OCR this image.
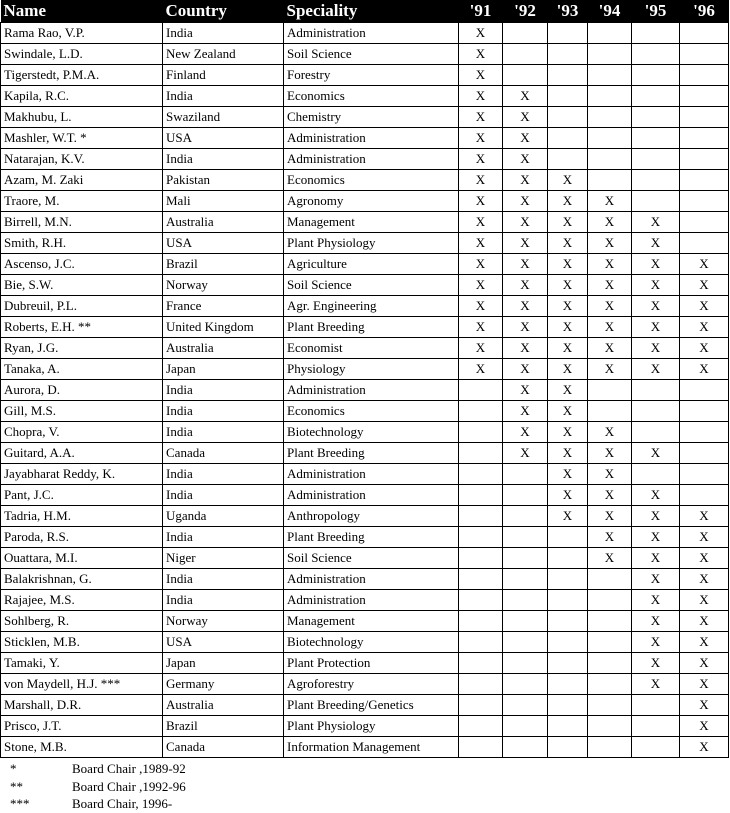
Name	Country	Speciality	'91	'92	'93	'94	'95	'96
Rama Rao, V.P.	India	Administration	X					
Swindale, L.D.	New Zealand	Soil Science	X					
Tigerstedt, P.M.A.	Finland	Forestry	X					
Kapila, R.C.	India	Economics	X	X				
Makhubu, L.	Swaziland	Chemistry	X	X				
Mashler, W.T. *	USA	Administration	X	X				
Natarajan, K.V.	India	Administration	X	X				
Azam, M. Zaki	Pakistan	Economics	X	X	X			
Traore, M.	Mali	Agronomy	X	X	X	X		
Birrell, M.N.	Australia	Management	X	X	X	X	X	
Smith, R.H.	USA	Plant Physiology	X	X	X	X	X	
Ascenso, J.C.	Brazil	Agriculture	X	X	X	X	X	X
Bie, S.W.	Norway	Soil Science	X	X	X	X	X	X
Dubreuil, P.L.	France	Agr. Engineering	X	X	X	X	X	X
Roberts, E.H. **	United Kingdom	Plant Breeding	X	X	X	X	X	X
Ryan, J.G.	Australia	Economist	X	X	X	X	X	X
Tanaka, A.	Japan	Physiology	X	X	X	X	X	X
Aurora, D.	India	Administration		X	X			
Gill, M.S.	India	Economics		X	X			
Chopra, V.	India	Biotechnology		X	X	X		
Guitard, A.A.	Canada	Plant Breeding		X	X	X	X	
Jayabharat Reddy, K.	India	Administration			X	X		
Pant, J.C.	India	Administration			X	X	X	
Tadria, H.M.	Uganda	Anthropology			X	X	X	X
Paroda, R.S.	India	Plant Breeding				X	X	X
Ouattara, M.I.	Niger	Soil Science				X	X	X
Balakrishnan, G.	India	Administration					X	X
Rajajee, M.S.	India	Administration					X	X
Sohlberg, R.	Norway	Management					X	X
Sticklen, M.B.	USA	Biotechnology					X	X
Tamaki, Y.	Japan	Plant Protection					X	X
von Maydell, H.J. ***	Germany	Agroforestry					X	X
Marshall, D.R.	Australia	Plant Breeding/Genetics						X
Prisco, J.T.	Brazil	Plant Physiology						X
Stone, M.B.	Canada	Information Management						X
*	Board Chair ,1989-92
**	Board Chair ,1992-96
***	Board Chair, 1996-
